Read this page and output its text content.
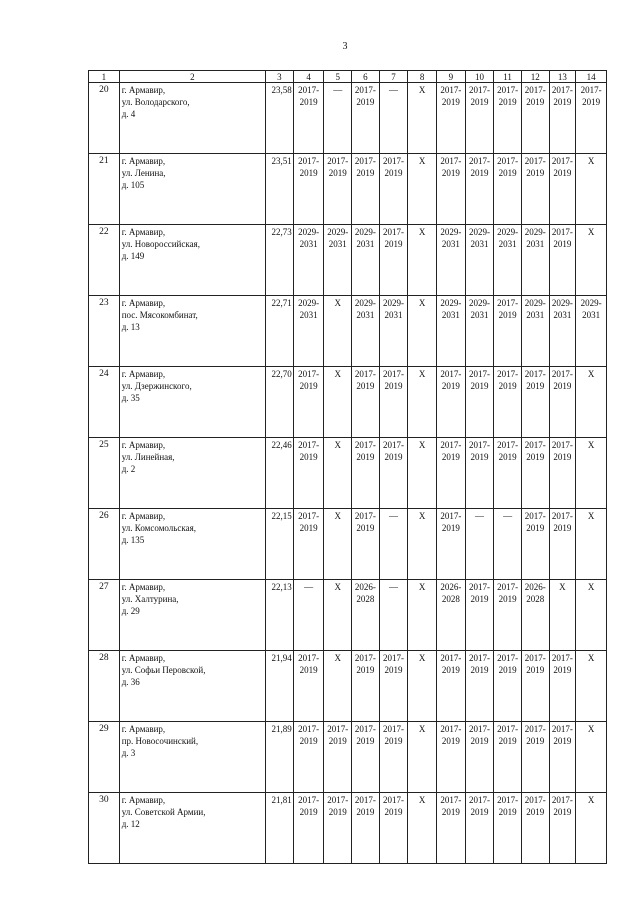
3
1	2	3	4	5	6	7	8	9	10	11	12	13	14
20	г. Армавир,
ул. Володарского,
д. 4	23,58	2017-
2019	—	2017-
2019	—	X	2017-
2019	2017-
2019	2017-
2019	2017-
2019	2017-
2019	2017-
2019

21	г. Армавир,
ул. Ленина,
д. 105	23,51	2017-
2019	2017-
2019	2017-
2019	2017-
2019	X	2017-
2019	2017-
2019	2017-
2019	2017-
2019	2017-
2019	X

22	г. Армавир,
ул. Новороссийская,
д. 149	22,73	2029-
2031	2029-
2031	2029-
2031	2017-
2019	X	2029-
2031	2029-
2031	2029-
2031	2029-
2031	2017-
2019	X

23	г. Армавир,
пос. Мясокомбинат,
д. 13	22,71	2029-
2031	X	2029-
2031	2029-
2031	X	2029-
2031	2029-
2031	2017-
2019	2029-
2031	2029-
2031	2029-
2031

24	г. Армавир,
ул. Дзержинского,
д. 35	22,70	2017-
2019	X	2017-
2019	2017-
2019	X	2017-
2019	2017-
2019	2017-
2019	2017-
2019	2017-
2019	X

25	г. Армавир,
ул. Линейная,
д. 2	22,46	2017-
2019	X	2017-
2019	2017-
2019	X	2017-
2019	2017-
2019	2017-
2019	2017-
2019	2017-
2019	X

26	г. Армавир,
ул. Комсомольская,
д. 135	22,15	2017-
2019	X	2017-
2019	—	X	2017-
2019	—	—	2017-
2019	2017-
2019	X

27	г. Армавир,
ул. Халтурина,
д. 29	22,13	—	X	2026-
2028	—	X	2026-
2028	2017-
2019	2017-
2019	2026-
2028	X	X

28	г. Армавир,
ул. Софьи Перовской,
д. 36	21,94	2017-
2019	X	2017-
2019	2017-
2019	X	2017-
2019	2017-
2019	2017-
2019	2017-
2019	2017-
2019	X

29	г. Армавир,
пр. Новосочинский,
д. 3	21,89	2017-
2019	2017-
2019	2017-
2019	2017-
2019	X	2017-
2019	2017-
2019	2017-
2019	2017-
2019	2017-
2019	X

30	г. Армавир,
ул. Советской Армии,
д. 12	21,81	2017-
2019	2017-
2019	2017-
2019	2017-
2019	X	2017-
2019	2017-
2019	2017-
2019	2017-
2019	2017-
2019	X
